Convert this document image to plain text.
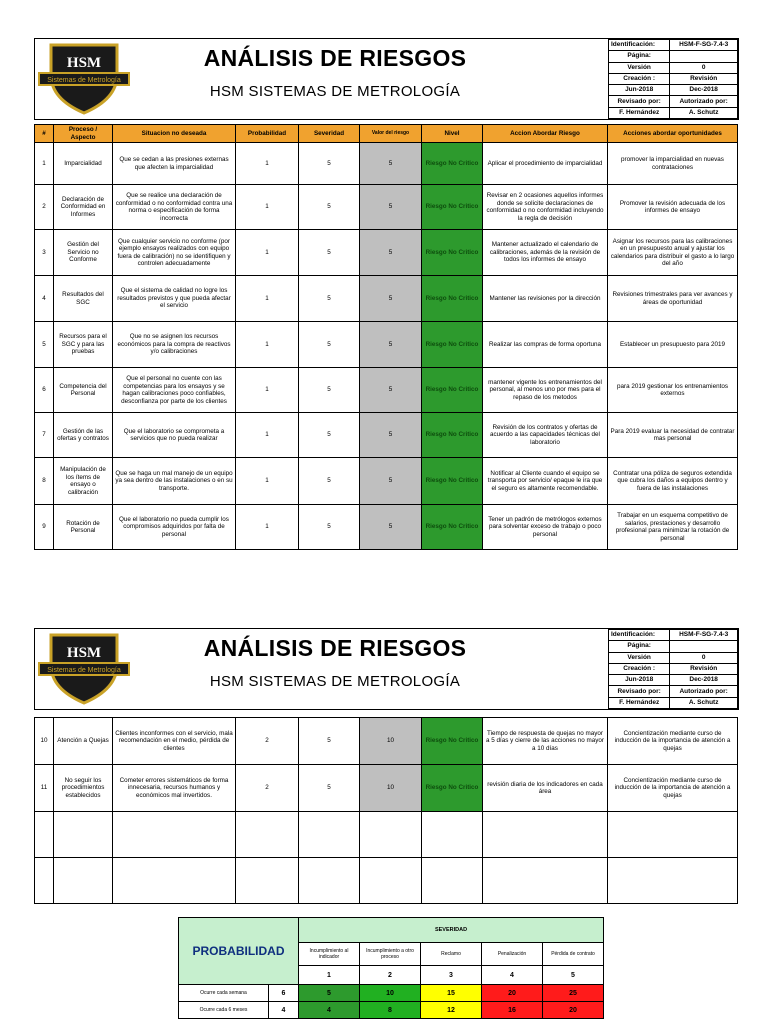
HSM
Sistemas de Metrología
ANÁLISIS DE RIESGOS
HSM SISTEMAS DE METROLOGÍA
Identificación:	HSM-F-SG-7.4-3
Página:	
Versión	0
Creación :	Revisión
Jun-2018	Dec-2018
Revisado por:	Autorizado por:
F. Hernández	A. Schutz
#	Proceso / Aspecto	Situacion no deseada	Probabilidad	Severidad	Valor del riesgo	Nivel	Accion Abordar Riesgo	Acciones abordar oportunidades
1	Imparcialidad	Que se cedan a las presiones externas que afecten la imparcialidad	1	5	5	Riesgo No Critico	Aplicar el procedimiento de imparcialidad	promover la imparcialidad en nuevas contrataciones
2	Declaración de Conformidad en Informes	Que se realice una declaración de conformidad o no conformidad contra una norma o especificación de forma incorrecta	1	5	5	Riesgo No Critico	Revisar en 2 ocasiones aquellos informes donde se solicite declaraciones de conformidad o no conformidad incluyendo la regla de decisión	Promover la revisión adecuada de los informes de ensayo
3	Gestión del Servicio no Conforme	Que cualquier servicio no conforme (por ejemplo ensayos realizados con equipo fuera de calibración) no se identifiquen y controlen adecuadamente	1	5	5	Riesgo No Critico	Mantener actualizado el calendario de calibraciones, además de la revisión de todos los informes de ensayo	Asignar los recursos para las calibraciones en un presupuesto anual y ajustar los calendarios para distribuir el gasto a lo largo del año
4	Resultados del SGC	Que el sistema de calidad no logre los resultados previstos y que pueda afectar el servicio	1	5	5	Riesgo No Critico	Mantener las revisiones por la dirección	Revisiones trimestrales para ver avances y áreas de oportunidad
5	Recursos para el SGC y para las pruebas	Que no se asignen los recursos económicos para la compra de reactivos y/o calibraciones	1	5	5	Riesgo No Critico	Realizar las compras de forma oportuna	Establecer un presupuesto para 2019
6	Competencia del Personal	Que el personal no cuente con las competencias para los ensayos y se hagan calibraciones poco confiables, desconfianza por parte de los clientes	1	5	5	Riesgo No Critico	mantener vigente los entrenamientos del personal, al menos uno por mes para el repaso de los metodos	para 2019 gestionar los entrenamientos externos
7	Gestión de las ofertas y contratos	Que el laboratorio se comprometa a servicios que no pueda realizar	1	5	5	Riesgo No Critico	Revisión de los contratos y ofertas de acuerdo a las capacidades técnicas del laboratorio	Para 2019 evaluar la necesidad de contratar mas personal
8	Manipulación de los ítems de ensayo o calibración	Que se haga un mal manejo de un equipo ya sea dentro de las instalaciones o en su transporte.	1	5	5	Riesgo No Critico	Notificar al Cliente cuando el equipo se transporta por servicio/ epaque le ira que el seguro es altamente recomendable.	Contratar una póliza de seguros extendida que cubra los daños a equipos dentro y fuera de las instalaciones
9	Rotación de Personal	Que el laboratorio no pueda cumplir los compromisos adquiridos por falta de personal	1	5	5	Riesgo No Critico	Tener un padrón de metrólogos externos para solventar exceso de trabajo o poco personal	Trabajar en un esquema competitivo de salarios, prestaciones y desarrollo profesional para minimizar la rotación de personal
HSM
Sistemas de Metrología
ANÁLISIS DE RIESGOS
HSM SISTEMAS DE METROLOGÍA
Identificación:	HSM-F-SG-7.4-3
Página:	
Versión	0
Creación :	Revisión
Jun-2018	Dec-2018
Revisado por:	Autorizado por:
F. Hernández	A. Schutz
10	Atención a Quejas	Clientes inconformes con el servicio, mala recomendación en el medio, pérdida de clientes	2	5	10	Riesgo No Critico	Tiempo de respuesta de quejas no mayor a 5 días y cierre de las acciones no mayor a 10 días	Concientización mediante curso de inducción de la importancia de atención a quejas
11	No seguir los procedimientos establecidos	Cometer errores sistemáticos de forma innecesaria, recursos humanos y económicos mal invertidos.	2	5	10	Riesgo No Critico	revisión diaria de los indicadores en cada área	Concientización mediante curso de inducción de la importancia de atención a quejas

PROBABILIDAD		SEVERIDAD				
		Incumplimiento al indicador	Incumplimiento a otro proceso	Reclamo	Penalización	Pérdida de contrato
		1	2	3	4	5
Ocurre cada semana	6	5	10	15	20	25
Ocurre cada 6 meses	4	4	8	12	16	20
